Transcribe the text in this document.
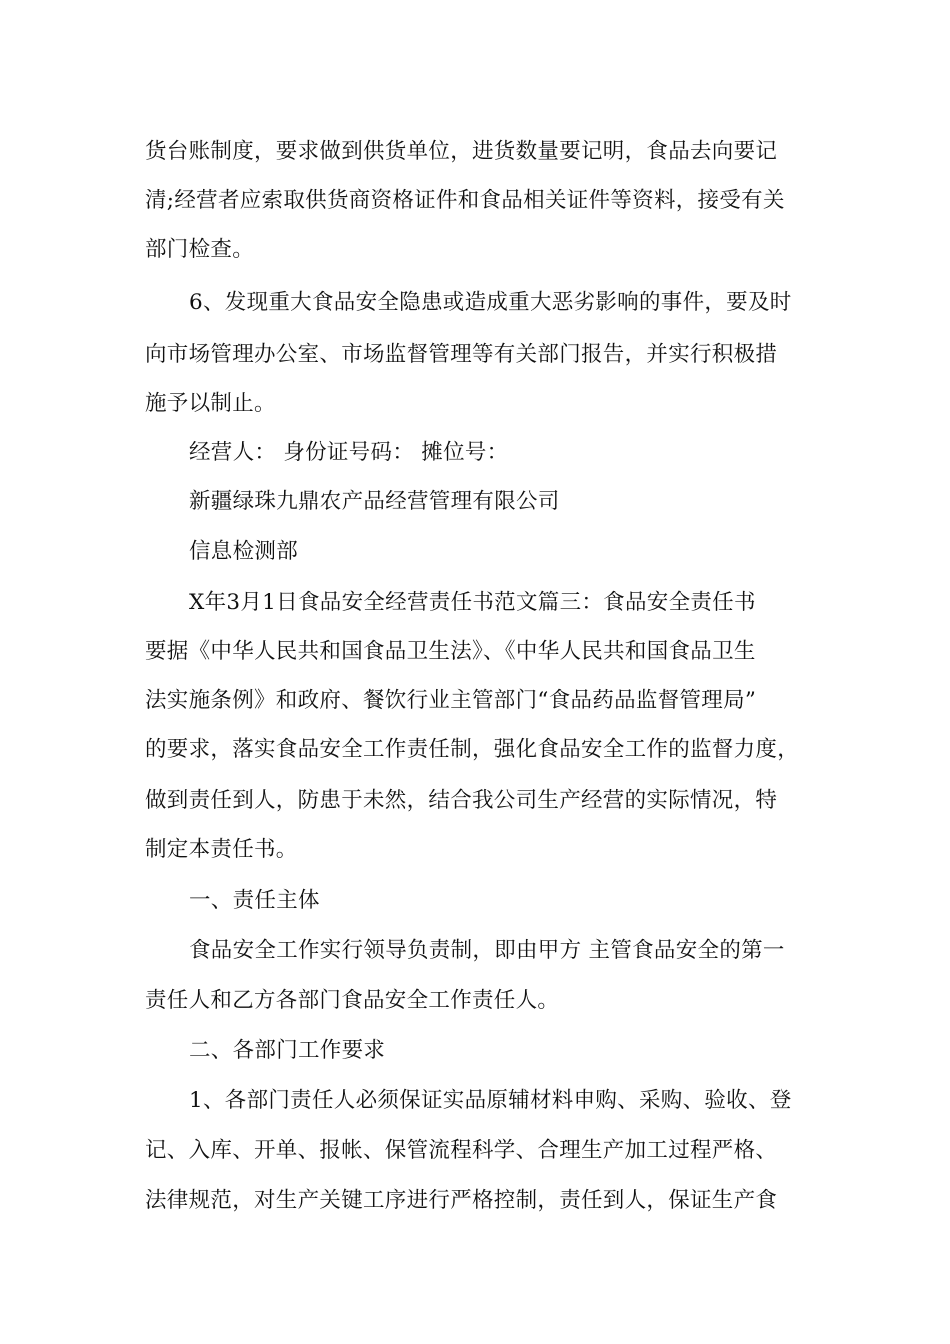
货台账制度，要求做到供货单位，进货数量要记明，食品去向要记
清;经营者应索取供货商资格证件和食品相关证件等资料，接受有关
部门检查。
6、发现重大食品安全隐患或造成重大恶劣影响的事件，要及时
向市场管理办公室、市场监督管理等有关部门报告，并实行积极措
施予以制止。
经营人： 身份证号码： 摊位号：
新疆绿珠九鼎农产品经营管理有限公司
信息检测部
X年3月1日食品安全经营责任书范文篇三：食品安全责任书
要据《中华人民共和国食品卫生法》、《中华人民共和国食品卫生
法实施条例》和政府、餐饮行业主管部门“食品药品监督管理局”
的要求，落实食品安全工作责任制，强化食品安全工作的监督力度，
做到责任到人，防患于未然，结合我公司生产经营的实际情况，特
制定本责任书。
一、责任主体
食品安全工作实行领导负责制，即由甲方 主管食品安全的第一
责任人和乙方各部门食品安全工作责任人。
二、各部门工作要求
1、各部门责任人必须保证实品原辅材料申购、采购、验收、登
记、入库、开单、报帐、保管流程科学、合理生产加工过程严格、
法律规范，对生产关键工序进行严格控制，责任到人，保证生产食
